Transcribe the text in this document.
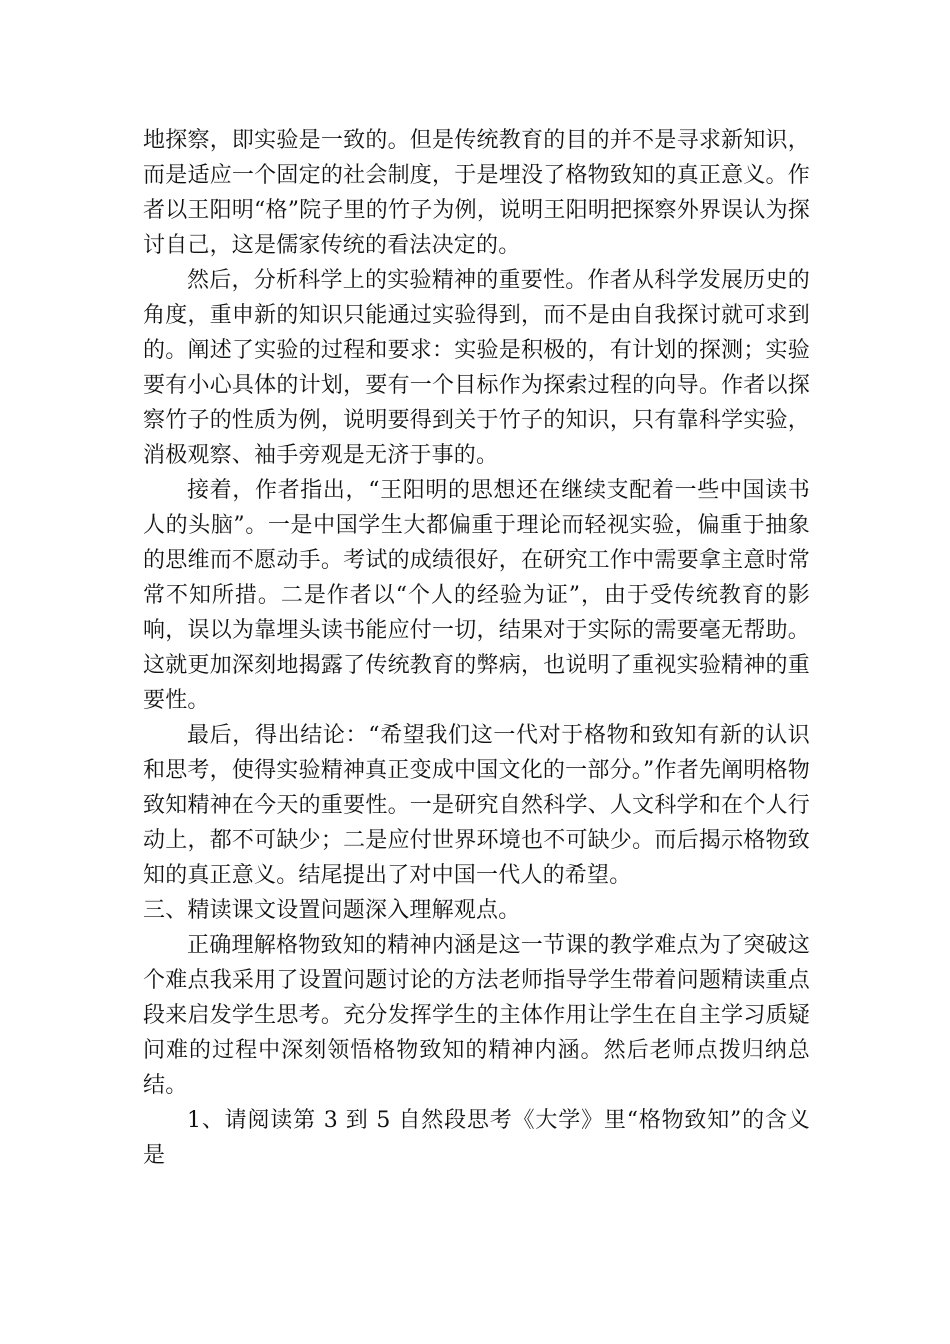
地探察，即实验是一致的。但是传统教育的目的并不是寻求新知识，而是适应一个固定的社会制度，于是埋没了格物致知的真正意义。作者以王阳明“格”院子里的竹子为例，说明王阳明把探察外界误认为探讨自己，这是儒家传统的看法决定的。

然后，分析科学上的实验精神的重要性。作者从科学发展历史的角度，重申新的知识只能通过实验得到，而不是由自我探讨就可求到的。阐述了实验的过程和要求：实验是积极的，有计划的探测；实验要有小心具体的计划，要有一个目标作为探索过程的向导。作者以探察竹子的性质为例，说明要得到关于竹子的知识，只有靠科学实验，消极观察、袖手旁观是无济于事的。

接着，作者指出，“王阳明的思想还在继续支配着一些中国读书人的头脑”。一是中国学生大都偏重于理论而轻视实验，偏重于抽象的思维而不愿动手。考试的成绩很好，在研究工作中需要拿主意时常常不知所措。二是作者以“个人的经验为证”，由于受传统教育的影响，误以为靠埋头读书能应付一切，结果对于实际的需要毫无帮助。这就更加深刻地揭露了传统教育的弊病，也说明了重视实验精神的重要性。

最后，得出结论：“希望我们这一代对于格物和致知有新的认识和思考，使得实验精神真正变成中国文化的一部分。”作者先阐明格物致知精神在今天的重要性。一是研究自然科学、人文科学和在个人行动上，都不可缺少；二是应付世界环境也不可缺少。而后揭示格物致知的真正意义。结尾提出了对中国一代人的希望。

三、精读课文设置问题深入理解观点。

正确理解格物致知的精神内涵是这一节课的教学难点为了突破这个难点我采用了设置问题讨论的方法老师指导学生带着问题精读重点段来启发学生思考。充分发挥学生的主体作用让学生在自主学习质疑问难的过程中深刻领悟格物致知的精神内涵。然后老师点拨归纳总结。

1、请阅读第 3 到 5 自然段思考《大学》里“格物致知”的含义是
